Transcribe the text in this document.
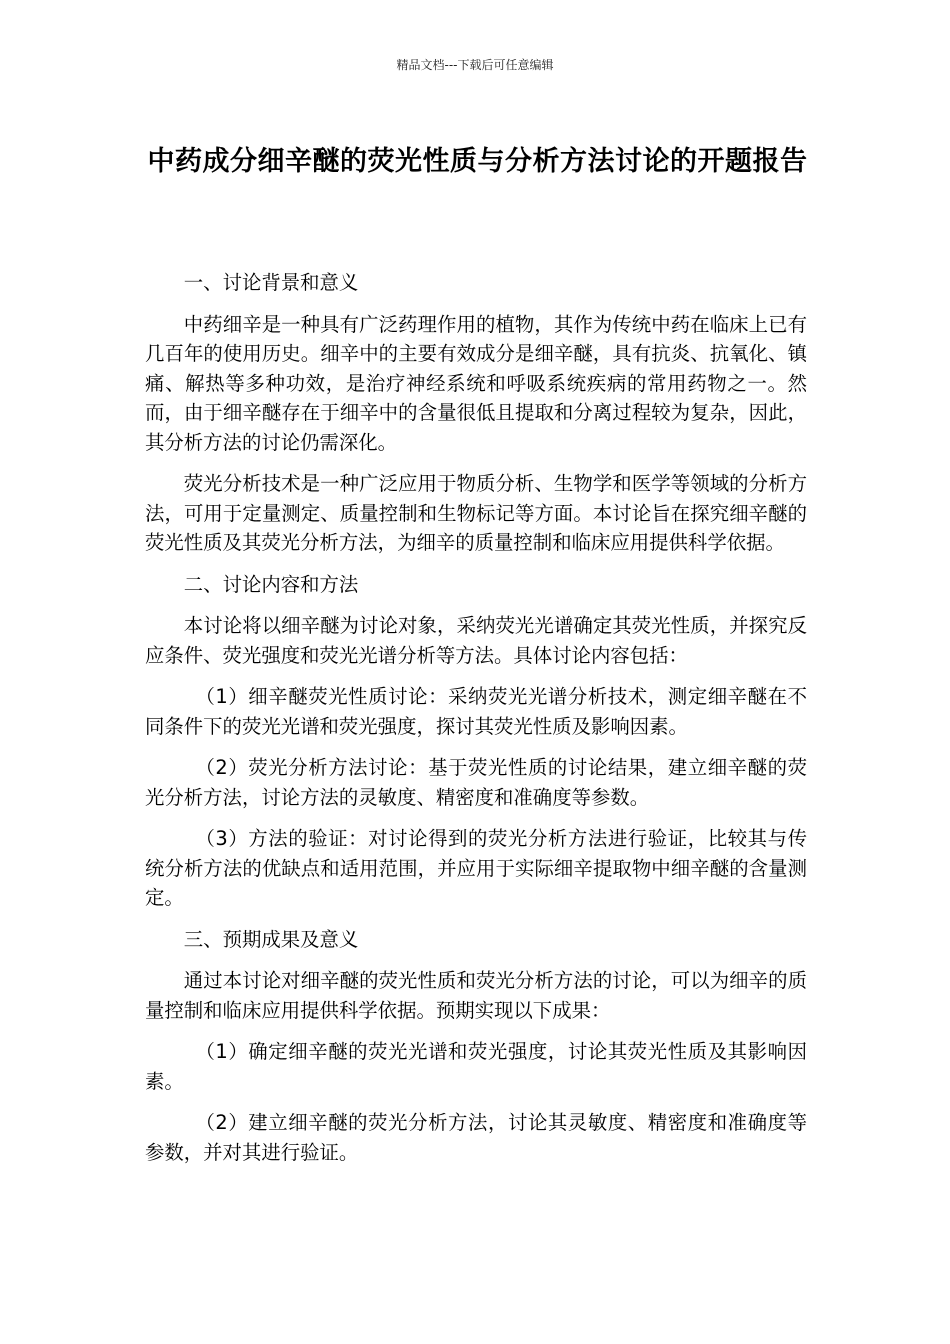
精品文档---下载后可任意编辑
中药成分细辛醚的荧光性质与分析方法讨论的开题报告

一、讨论背景和意义

中药细辛是一种具有广泛药理作用的植物，其作为传统中药在临床上已有几百年的使用历史。细辛中的主要有效成分是细辛醚，具有抗炎、抗氧化、镇痛、解热等多种功效，是治疗神经系统和呼吸系统疾病的常用药物之一。然而，由于细辛醚存在于细辛中的含量很低且提取和分离过程较为复杂，因此，其分析方法的讨论仍需深化。

荧光分析技术是一种广泛应用于物质分析、生物学和医学等领域的分析方法，可用于定量测定、质量控制和生物标记等方面。本讨论旨在探究细辛醚的荧光性质及其荧光分析方法，为细辛的质量控制和临床应用提供科学依据。

二、讨论内容和方法

本讨论将以细辛醚为讨论对象，采纳荧光光谱确定其荧光性质，并探究反应条件、荧光强度和荧光光谱分析等方法。具体讨论内容包括：

（1）细辛醚荧光性质讨论：采纳荧光光谱分析技术，测定细辛醚在不同条件下的荧光光谱和荧光强度，探讨其荧光性质及影响因素。

（2）荧光分析方法讨论：基于荧光性质的讨论结果，建立细辛醚的荧光分析方法，讨论方法的灵敏度、精密度和准确度等参数。

（3）方法的验证：对讨论得到的荧光分析方法进行验证，比较其与传统分析方法的优缺点和适用范围，并应用于实际细辛提取物中细辛醚的含量测定。

三、预期成果及意义

通过本讨论对细辛醚的荧光性质和荧光分析方法的讨论，可以为细辛的质量控制和临床应用提供科学依据。预期实现以下成果：

（1）确定细辛醚的荧光光谱和荧光强度，讨论其荧光性质及其影响因素。

（2）建立细辛醚的荧光分析方法，讨论其灵敏度、精密度和准确度等参数，并对其进行验证。
